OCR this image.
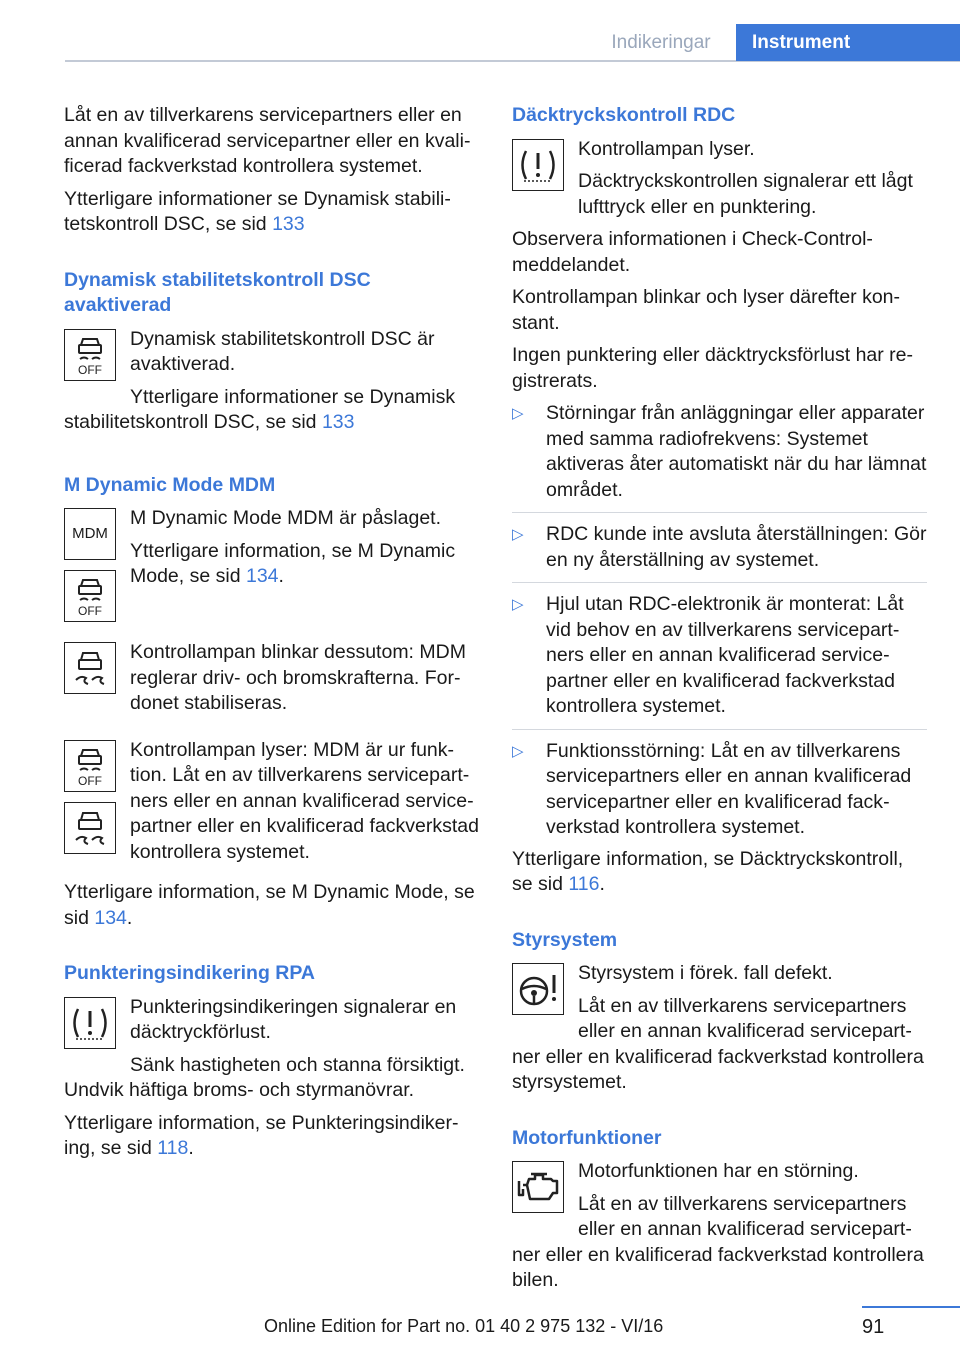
Indikeringar	Instrument

Låt en av tillverkarens servicepartners eller en annan kvalificerad servicepartner eller en kvalificerad fackverkstad kontrollera systemet.

Ytterligare informationer se Dynamisk stabilitetskontroll DSC, se sid 133

Dynamisk stabilitetskontroll DSC avaktiverad
OFF

Dynamisk stabilitetskontroll DSC är avaktiverad.

Ytterligare informationer se Dynamisk stabilitetskontroll DSC, se sid 133

M Dynamic Mode MDM
MDM
OFF

M Dynamic Mode MDM är påslaget.

Ytterligare information, se M Dynamic Mode, se sid 134.

Kontrollampan blinkar dessutom: MDM reglerar driv- och bromskrafterna. Fordonet stabiliseras.

OFF

Kontrollampan lyser: MDM är ur funktion. Låt en av tillverkarens servicepartners eller en annan kvalificerad servicepartner eller en kvalificerad fackverkstad kontrollera systemet.

Ytterligare information, se M Dynamic Mode, se sid 134.

Punkteringsindikering RPA

Punkteringsindikeringen signalerar en däcktryckförlust.

Sänk hastigheten och stanna försiktigt. Undvik häftiga broms- och styrmanövrar.

Ytterligare information, se Punkteringsindikering, se sid 118.

Däcktryckskontroll RDC

Kontrollampan lyser.

Däcktryckskontrollen signalerar ett lågt lufttryck eller en punktering.

Observera informationen i Check-Control-meddelandet.

Kontrollampan blinkar och lyser därefter konstant.

Ingen punktering eller däcktrycksförlust har registrerats.

▷ Störningar från anläggningar eller apparater med samma radiofrekvens: Systemet aktiveras åter automatiskt när du har lämnat området.
▷ RDC kunde inte avsluta återställningen: Gör en ny återställning av systemet.
▷ Hjul utan RDC-elektronik är monterat: Låt vid behov en av tillverkarens servicepartners eller en annan kvalificerad servicepartner eller en kvalificerad fackverkstad kontrollera systemet.
▷ Funktionsstörning: Låt en av tillverkarens servicepartners eller en annan kvalificerad servicepartner eller en kvalificerad fackverkstad kontrollera systemet.

Ytterligare information, se Däcktryckskontroll, se sid 116.

Styrsystem

Styrsystem i förek. fall defekt.

Låt en av tillverkarens servicepartners eller en annan kvalificerad servicepartner eller en kvalificerad fackverkstad kontrollera styrsystemet.

Motorfunktioner

Motorfunktionen har en störning.

Låt en av tillverkarens servicepartners eller en annan kvalificerad servicepartner eller en kvalificerad fackverkstad kontrollera bilen.

91
Online Edition for Part no. 01 40 2 975 132 - VI/16
